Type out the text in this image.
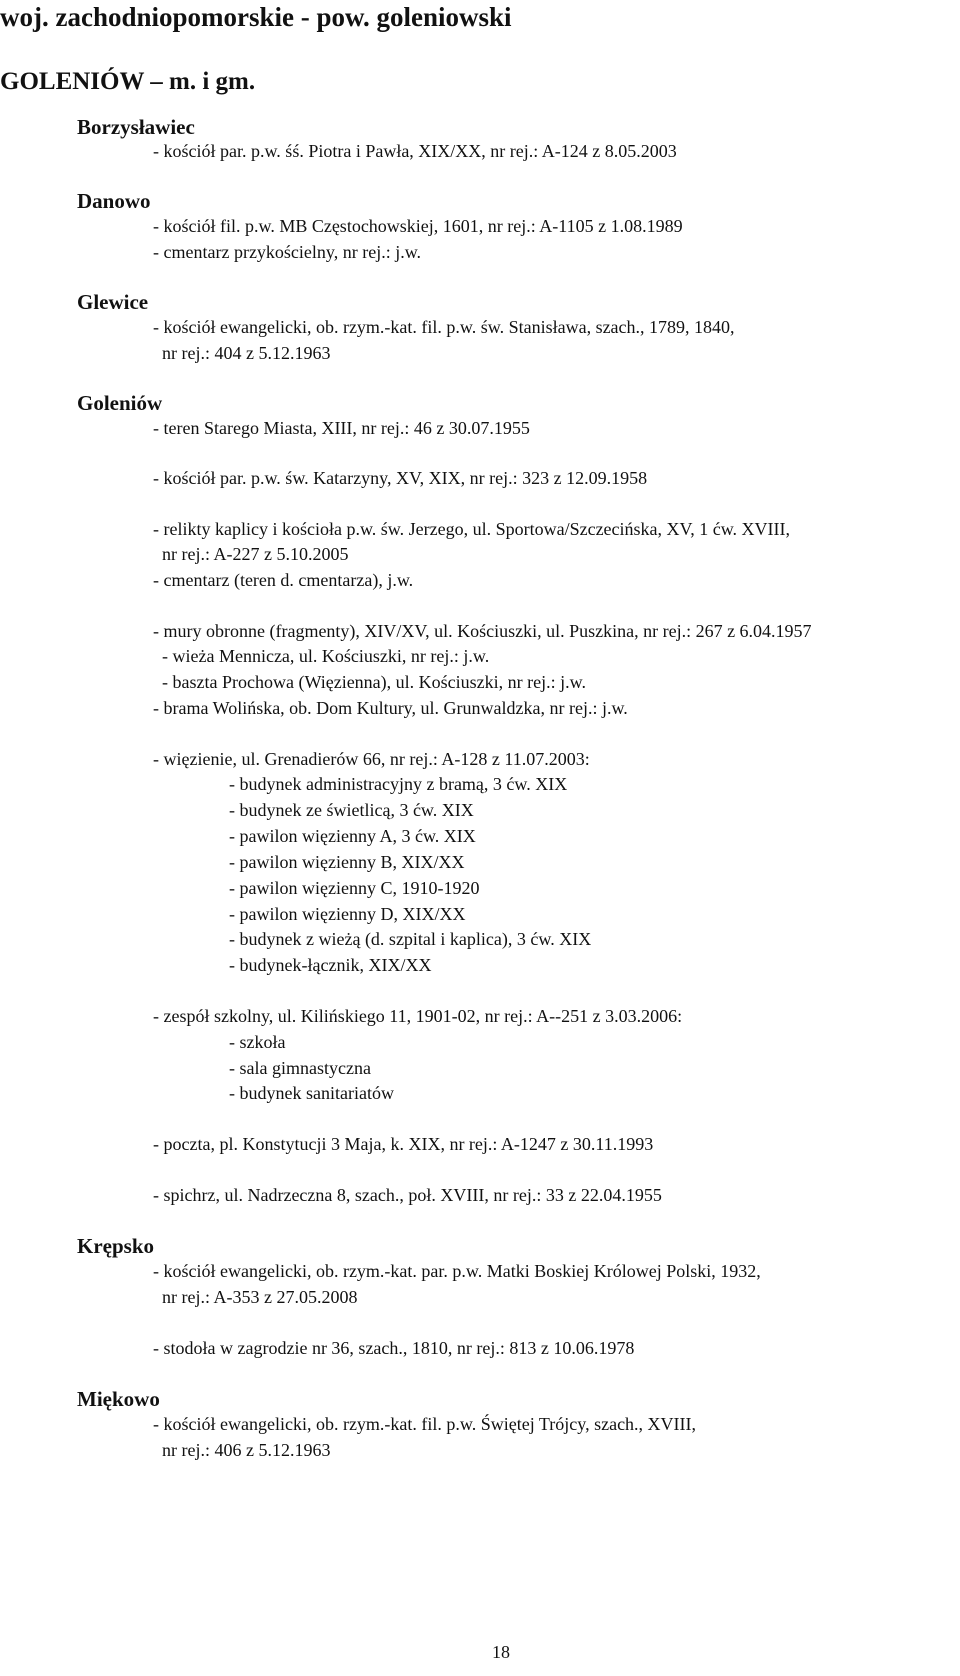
woj. zachodniopomorskie - pow. goleniowski
GOLENIÓW – m. i gm.
Borzysławiec
- kościół par. p.w. śś. Piotra i Pawła, XIX/XX, nr rej.: A-124 z 8.05.2003
Danowo
- kościół fil. p.w. MB Częstochowskiej, 1601, nr rej.: A-1105 z 1.08.1989
- cmentarz przykościelny, nr rej.: j.w.
Glewice
- kościół ewangelicki, ob. rzym.-kat. fil. p.w. św. Stanisława, szach., 1789, 1840,
nr rej.: 404 z 5.12.1963
Goleniów
- teren Starego Miasta, XIII, nr rej.: 46 z 30.07.1955
- kościół par. p.w. św. Katarzyny, XV, XIX, nr rej.: 323 z 12.09.1958
- relikty kaplicy i kościoła p.w. św. Jerzego, ul. Sportowa/Szczecińska, XV, 1 ćw. XVIII,
nr rej.: A-227 z 5.10.2005
- cmentarz (teren d. cmentarza), j.w.
- mury obronne (fragmenty), XIV/XV, ul. Kościuszki, ul. Puszkina, nr rej.: 267 z 6.04.1957
- wieża Mennicza, ul. Kościuszki, nr rej.: j.w.
- baszta Prochowa (Więzienna), ul. Kościuszki, nr rej.: j.w.
- brama Wolińska, ob. Dom Kultury, ul. Grunwaldzka, nr rej.: j.w.
- więzienie, ul. Grenadierów 66, nr rej.: A-128 z 11.07.2003:
- budynek administracyjny z bramą, 3 ćw. XIX
- budynek ze świetlicą, 3 ćw. XIX
- pawilon więzienny A, 3 ćw. XIX
- pawilon więzienny B, XIX/XX
- pawilon więzienny C, 1910-1920
- pawilon więzienny D, XIX/XX
- budynek z wieżą (d. szpital i kaplica), 3 ćw. XIX
- budynek-łącznik, XIX/XX
- zespół szkolny, ul. Kilińskiego 11, 1901-02, nr rej.: A--251 z 3.03.2006:
- szkoła
- sala gimnastyczna
- budynek sanitariatów
- poczta, pl. Konstytucji 3 Maja, k. XIX, nr rej.: A-1247 z 30.11.1993
- spichrz, ul. Nadrzeczna 8, szach., poł. XVIII, nr rej.: 33 z 22.04.1955
Krępsko
- kościół ewangelicki, ob. rzym.-kat. par. p.w. Matki Boskiej Królowej Polski, 1932,
nr rej.: A-353 z 27.05.2008
- stodoła w zagrodzie nr 36, szach., 1810, nr rej.: 813 z 10.06.1978
Miękowo
- kościół ewangelicki, ob. rzym.-kat. fil. p.w. Świętej Trójcy, szach., XVIII,
nr rej.: 406 z 5.12.1963
18
